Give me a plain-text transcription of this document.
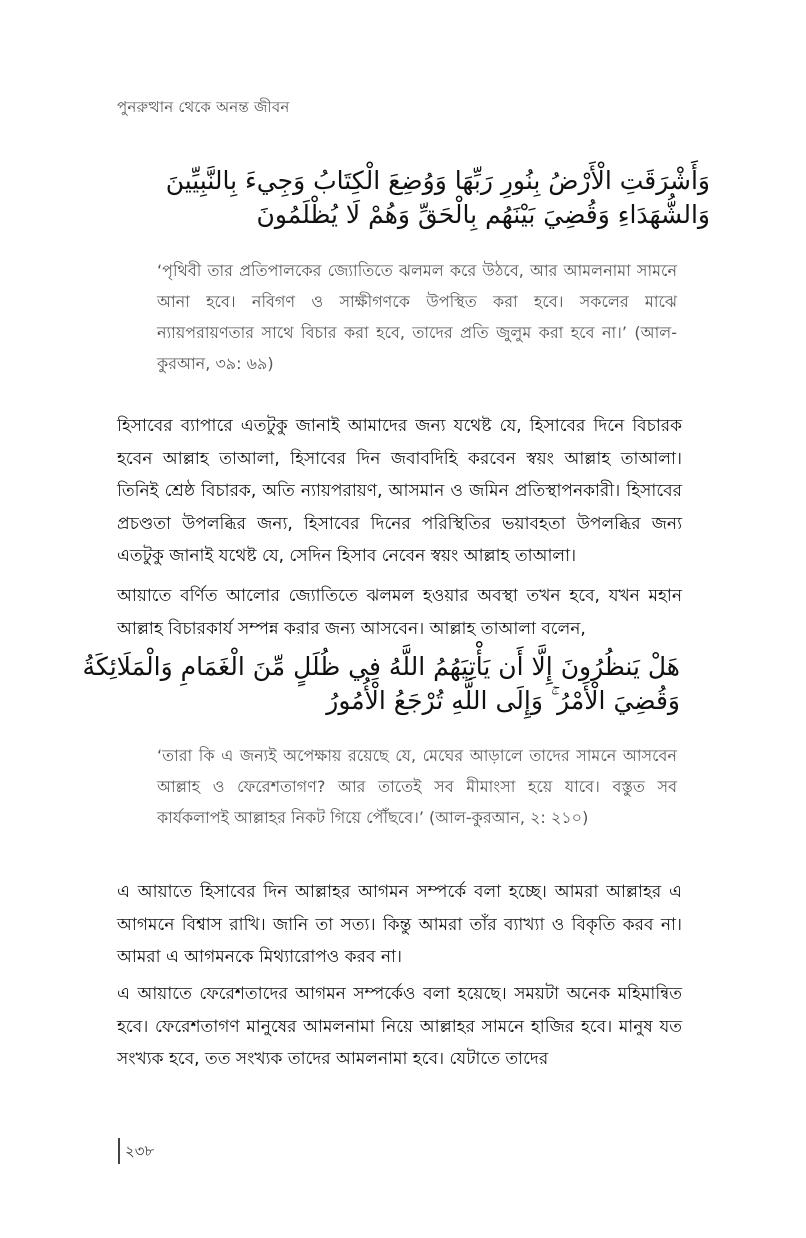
পুনরুত্থান থেকে অনন্ত জীবন
وَأَشْرَقَتِ الْأَرْضُ بِنُورِ رَبِّهَا وَوُضِعَ الْكِتَابُ وَجِيءَ بِالنَّبِيِّينَ
وَالشُّهَدَاءِ وَقُضِيَ بَيْنَهُم بِالْحَقِّ وَهُمْ لَا يُظْلَمُونَ
‘পৃথিবী তার প্রতিপালকের জ্যোতিতে ঝলমল করে উঠবে, আর আমলনামা সামনে আনা হবে। নবিগণ ও সাক্ষীগণকে উপস্থিত করা হবে। সকলের মাঝে ন্যায়পরায়ণতার সাথে বিচার করা হবে, তাদের প্রতি জুলুম করা হবে না।’ (আল-কুরআন, ৩৯: ৬৯)
হিসাবের ব্যাপারে এতটুকু জানাই আমাদের জন্য যথেষ্ট যে, হিসাবের দিনে বিচারক হবেন আল্লাহ তাআলা, হিসাবের দিন জবাবদিহি করবেন স্বয়ং আল্লাহ তাআলা। তিনিই শ্রেষ্ঠ বিচারক, অতি ন্যায়পরায়ণ, আসমান ও জমিন প্রতিস্থাপনকারী। হিসাবের প্রচণ্ডতা উপলব্ধির জন্য, হিসাবের দিনের পরিস্থিতির ভয়াবহতা উপলব্ধির জন্য এতটুকু জানাই যথেষ্ট যে, সেদিন হিসাব নেবেন স্বয়ং আল্লাহ তাআলা।
আয়াতে বর্ণিত আলোর জ্যোতিতে ঝলমল হওয়ার অবস্থা তখন হবে, যখন মহান আল্লাহ বিচারকার্য সম্পন্ন করার জন্য আসবেন। আল্লাহ তাআলা বলেন,
هَلْ يَنظُرُونَ إِلَّا أَن يَأْتِيَهُمُ اللَّهُ فِي ظُلَلٍ مِّنَ الْغَمَامِ وَالْمَلَائِكَةُ
وَقُضِيَ الْأَمْرُ ۚ وَإِلَى اللَّهِ تُرْجَعُ الْأُمُورُ
‘তারা কি এ জন্যই অপেক্ষায় রয়েছে যে, মেঘের আড়ালে তাদের সামনে আসবেন আল্লাহ ও ফেরেশতাগণ? আর তাতেই সব মীমাংসা হয়ে যাবে। বস্তুত সব কার্যকলাপই আল্লাহর নিকট গিয়ে পৌঁছবে।’ (আল-কুরআন, ২: ২১০)
এ আয়াতে হিসাবের দিন আল্লাহর আগমন সম্পর্কে বলা হচ্ছে। আমরা আল্লাহর এ আগমনে বিশ্বাস রাখি। জানি তা সত্য। কিন্তু আমরা তাঁর ব্যাখ্যা ও বিকৃতি করব না। আমরা এ আগমনকে মিথ্যারোপও করব না।
এ আয়াতে ফেরেশতাদের আগমন সম্পর্কেও বলা হয়েছে। সময়টা অনেক মহিমান্বিত হবে। ফেরেশতাগণ মানুষের আমলনামা নিয়ে আল্লাহর সামনে হাজির হবে। মানুষ যত সংখ্যক হবে, তত সংখ্যক তাদের আমলনামা হবে। যেটাতে তাদের
২৩৮
